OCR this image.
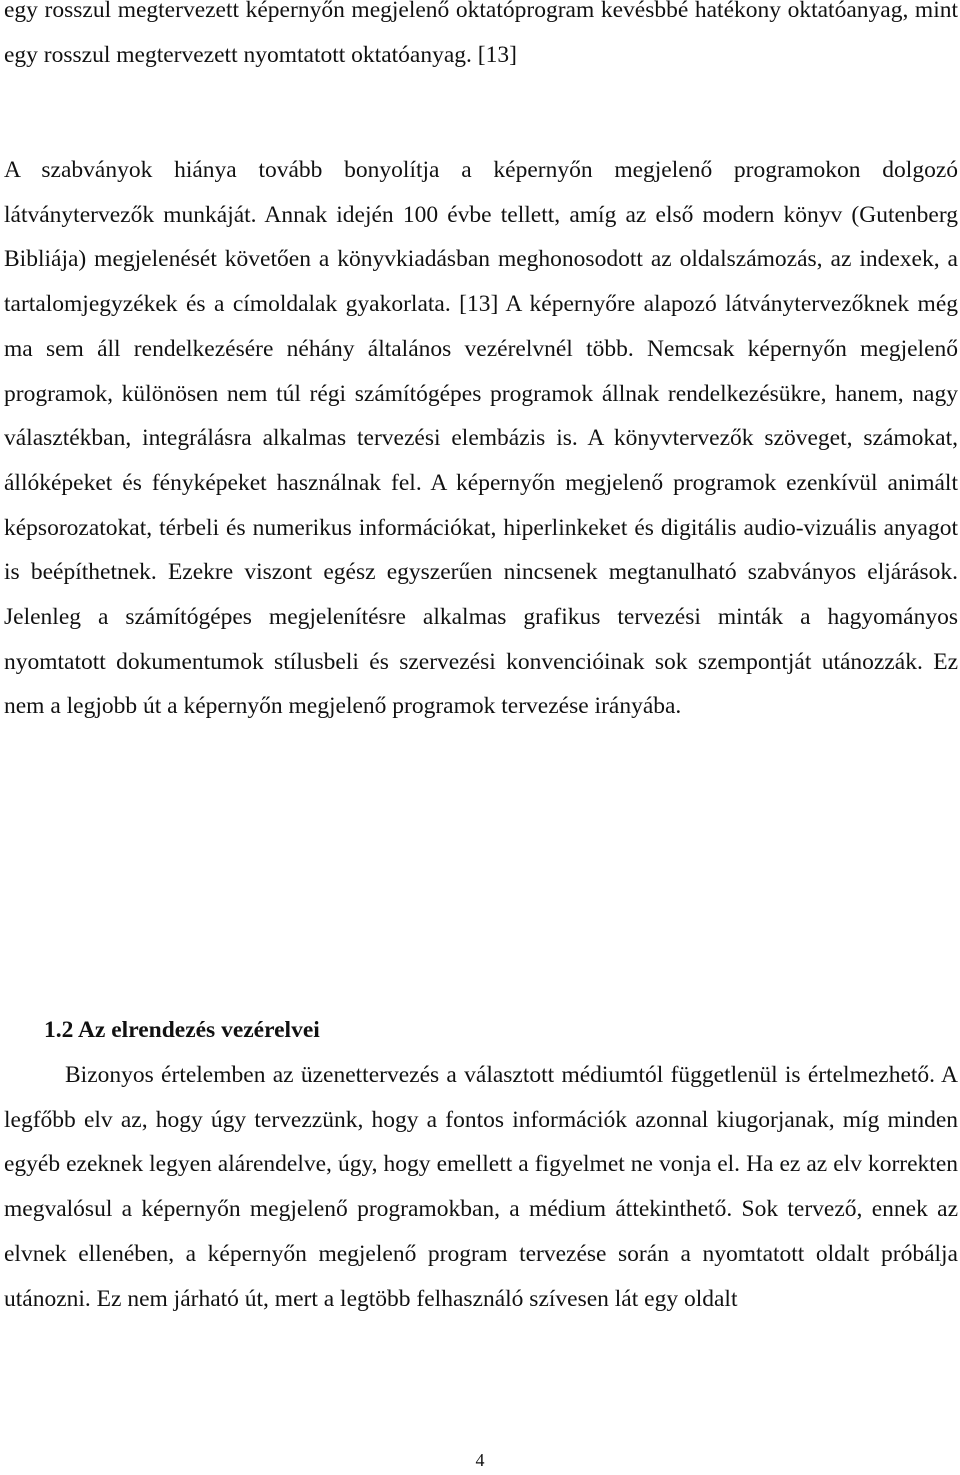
egy rosszul megtervezett képernyőn megjelenő oktatóprogram kevésbbé hatékony oktatóanyag, mint egy rosszul megtervezett nyomtatott oktatóanyag. [13]

A szabványok hiánya tovább bonyolítja a képernyőn megjelenő programokon dolgozó látványtervezők munkáját. Annak idején 100 évbe tellett, amíg az első modern könyv (Gutenberg Bibliája) megjelenését követően a könyvkiadásban meghonosodott az oldalszámozás, az indexek, a tartalomjegyzékek és a címoldalak gyakorlata. [13] A képernyőre alapozó látványtervezőknek még ma sem áll rendelkezésére néhány általános vezérelvnél több. Nemcsak képernyőn megjelenő programok, különösen nem túl régi számítógépes programok állnak rendelkezésükre, hanem, nagy választékban, integrálásra alkalmas tervezési elembázis is. A könyvtervezők szöveget, számokat, állóképeket és fényképeket használnak fel. A képernyőn megjelenő programok ezenkívül animált képsorozatokat, térbeli és numerikus információkat, hiperlinkeket és digitális audio-vizuális anyagot is beépíthetnek. Ezekre viszont egész egyszerűen nincsenek megtanulható szabványos eljárások. Jelenleg a számítógépes megjelenítésre alkalmas grafikus tervezési minták a hagyományos nyomtatott dokumentumok stílusbeli és szervezési konvencióinak sok szempontját utánozzák. Ez nem a legjobb út a képernyőn megjelenő programok tervezése irányába.

1.2 Az elrendezés vezérelvei

Bizonyos értelemben az üzenettervezés a választott médiumtól függetlenül is értelmezhető. A legfőbb elv az, hogy úgy tervezzünk, hogy a fontos információk azonnal kiugorjanak, míg minden egyéb ezeknek legyen alárendelve, úgy, hogy emellett a figyelmet ne vonja el. Ha ez az elv korrekten megvalósul a képernyőn megjelenő programokban, a médium áttekinthető. Sok tervező, ennek az elvnek ellenében, a képernyőn megjelenő program tervezése során a nyomtatott oldalt próbálja utánozni. Ez nem járható út, mert a legtöbb felhasználó szívesen lát egy oldalt

4
